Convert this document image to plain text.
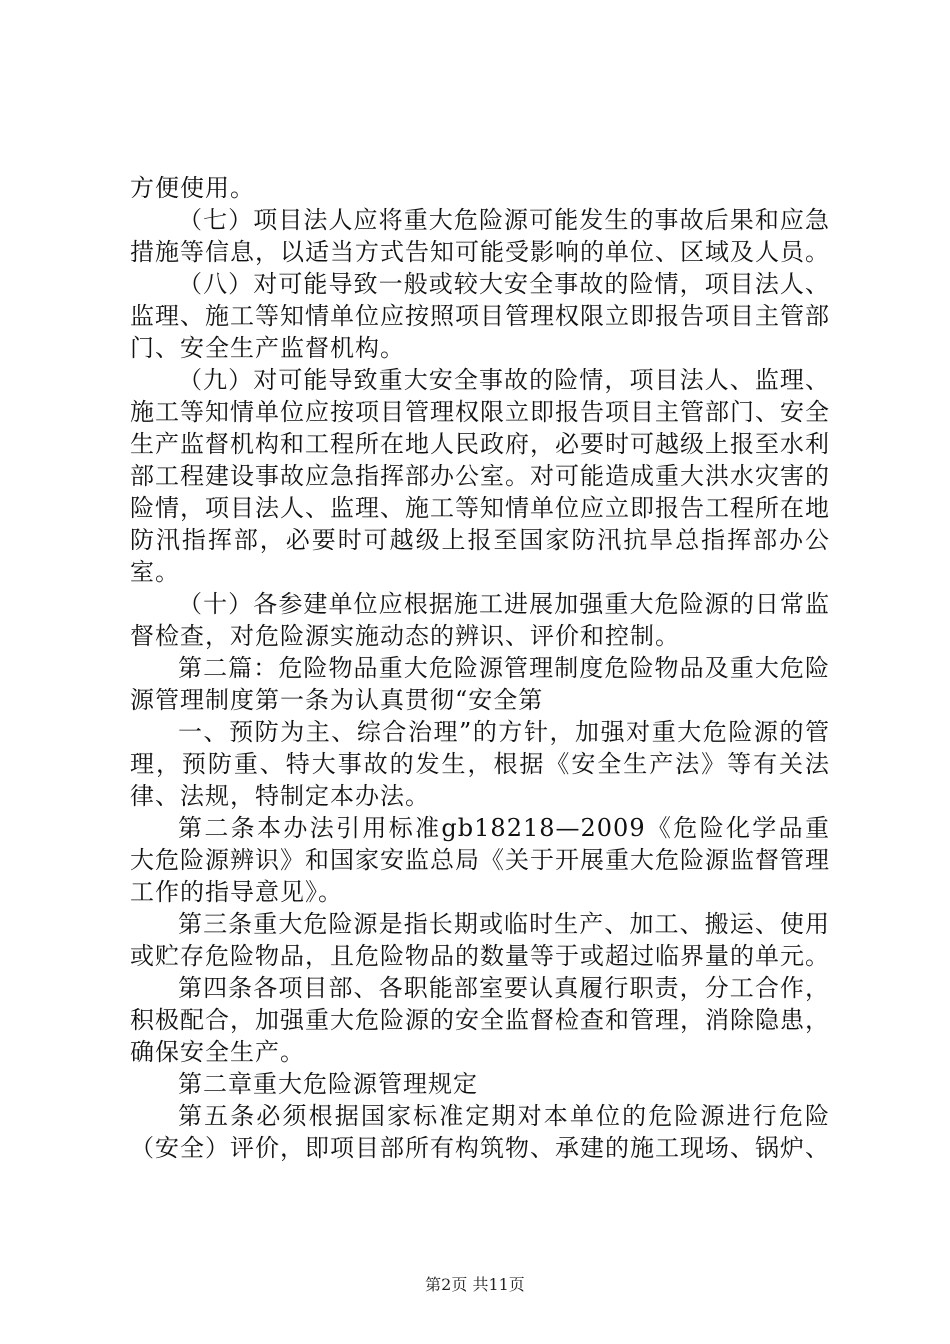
方便使用。

（七）项目法人应将重大危险源可能发生的事故后果和应急措施等信息，以适当方式告知可能受影响的单位、区域及人员。

（八）对可能导致一般或较大安全事故的险情，项目法人、监理、施工等知情单位应按照项目管理权限立即报告项目主管部门、安全生产监督机构。

（九）对可能导致重大安全事故的险情，项目法人、监理、施工等知情单位应按项目管理权限立即报告项目主管部门、安全生产监督机构和工程所在地人民政府，必要时可越级上报至水利部工程建设事故应急指挥部办公室。对可能造成重大洪水灾害的险情，项目法人、监理、施工等知情单位应立即报告工程所在地防汛指挥部，必要时可越级上报至国家防汛抗旱总指挥部办公室。

（十）各参建单位应根据施工进展加强重大危险源的日常监督检查，对危险源实施动态的辨识、评价和控制。

第二篇：危险物品重大危险源管理制度危险物品及重大危险源管理制度第一条为认真贯彻“安全第

一、预防为主、综合治理”的方针，加强对重大危险源的管理，预防重、特大事故的发生，根据《安全生产法》等有关法律、法规，特制定本办法。

第二条本办法引用标准gb18218—2009《危险化学品重大危险源辨识》和国家安监总局《关于开展重大危险源监督管理工作的指导意见》。

第三条重大危险源是指长期或临时生产、加工、搬运、使用或贮存危险物品，且危险物品的数量等于或超过临界量的单元。

第四条各项目部、各职能部室要认真履行职责，分工合作，积极配合，加强重大危险源的安全监督检查和管理，消除隐患，确保安全生产。

第二章重大危险源管理规定

第五条必须根据国家标准定期对本单位的危险源进行危险（安全）评价，即项目部所有构筑物、承建的施工现场、锅炉、

第2页 共11页
